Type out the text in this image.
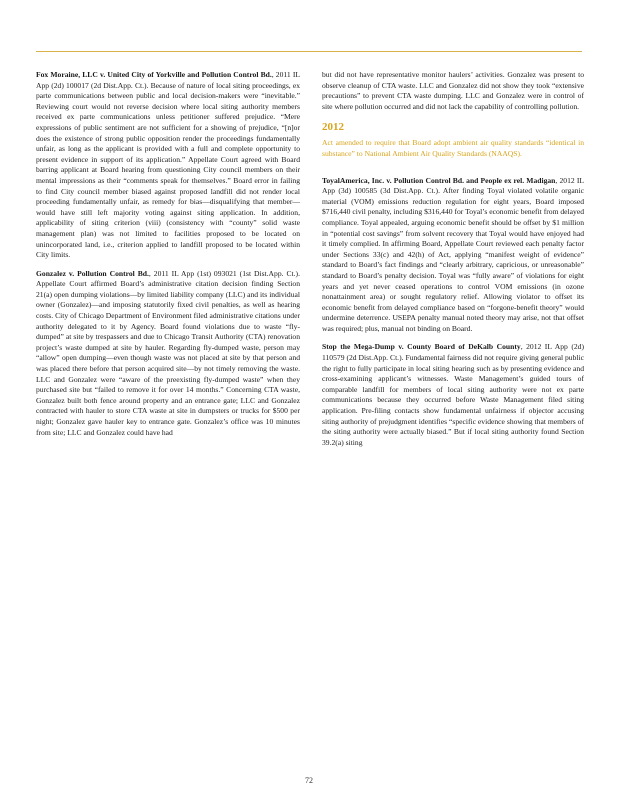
Fox Moraine, LLC v. United City of Yorkville and Pollution Control Bd., 2011 IL App (2d) 100017 (2d Dist.App. Ct.). Because of nature of local siting proceedings, ex parte communications between public and local decision-makers were “inevitable.” Reviewing court would not reverse decision where local siting authority members received ex parte communications unless petitioner suffered prejudice. “Mere expressions of public sentiment are not sufficient for a showing of prejudice, “[n]or does the existence of strong public opposition render the proceedings fundamentally unfair, as long as the applicant is provided with a full and complete opportunity to present evidence in support of its application.” Appellate Court agreed with Board barring applicant at Board hearing from questioning City council members on their mental impressions as their “comments speak for themselves.” Board error in failing to find City council member biased against proposed landfill did not render local proceeding fundamentally unfair, as remedy for bias—disqualifying that member—would have still left majority voting against siting application. In addition, applicability of siting criterion (viii) (consistency with “county” solid waste management plan) was not limited to facilities proposed to be located on unincorporated land, i.e., criterion applied to landfill proposed to be located within City limits.

Gonzalez v. Pollution Control Bd., 2011 IL App (1st) 093021 (1st Dist.App. Ct.). Appellate Court affirmed Board’s administrative citation decision finding Section 21(a) open dumping violations—by limited liability company (LLC) and its individual owner (Gonzalez)—and imposing statutorily fixed civil penalties, as well as hearing costs. City of Chicago Department of Environment filed administrative citations under authority delegated to it by Agency. Board found violations due to waste “fly-dumped” at site by trespassers and due to Chicago Transit Authority (CTA) renovation project’s waste dumped at site by hauler. Regarding fly-dumped waste, person may “allow” open dumping—even though waste was not placed at site by that person and was placed there before that person acquired site—by not timely removing the waste. LLC and Gonzalez were “aware of the preexisting fly-dumped waste” when they purchased site but “failed to remove it for over 14 months.” Concerning CTA waste, Gonzalez built both fence around property and an entrance gate; LLC and Gonzalez contracted with hauler to store CTA waste at site in dumpsters or trucks for $500 per night; Gonzalez gave hauler key to entrance gate. Gonzalez’s office was 10 minutes from site; LLC and Gonzalez could have had

but did not have representative monitor haulers’ activities. Gonzalez was present to observe cleanup of CTA waste. LLC and Gonzalez did not show they took “extensive precautions” to prevent CTA waste dumping. LLC and Gonzalez were in control of site where pollution occurred and did not lack the capability of controlling pollution.

2012

Act amended to require that Board adopt ambient air quality standards “identical in substance” to National Ambient Air Quality Standards (NAAQS).

ToyalAmerica, Inc. v. Pollution Control Bd. and People ex rel. Madigan, 2012 IL App (3d) 100585 (3d Dist.App. Ct.). After finding Toyal violated volatile organic material (VOM) emissions reduction regulation for eight years, Board imposed $716,440 civil penalty, including $316,440 for Toyal’s economic benefit from delayed compliance. Toyal appealed, arguing economic benefit should be offset by $1 million in “potential cost savings” from solvent recovery that Toyal would have enjoyed had it timely complied. In affirming Board, Appellate Court reviewed each penalty factor under Sections 33(c) and 42(h) of Act, applying “manifest weight of evidence” standard to Board’s fact findings and “clearly arbitrary, capricious, or unreasonable” standard to Board’s penalty decision. Toyal was “fully aware” of violations for eight years and yet never ceased operations to control VOM emissions (in ozone nonattainment area) or sought regulatory relief. Allowing violator to offset its economic benefit from delayed compliance based on “forgone-benefit theory” would undermine deterrence. USEPA penalty manual noted theory may arise, not that offset was required; plus, manual not binding on Board.

Stop the Mega-Dump v. County Board of DeKalb County, 2012 IL App (2d) 110579 (2d Dist.App. Ct.). Fundamental fairness did not require giving general public the right to fully participate in local siting hearing such as by presenting evidence and cross-examining applicant’s witnesses. Waste Management’s guided tours of comparable landfill for members of local siting authority were not ex parte communications because they occurred before Waste Management filed siting application. Pre-filing contacts show fundamental unfairness if objector accusing siting authority of prejudgment identifies “specific evidence showing that members of the siting authority were actually biased.” But if local siting authority found Section 39.2(a) siting

72
